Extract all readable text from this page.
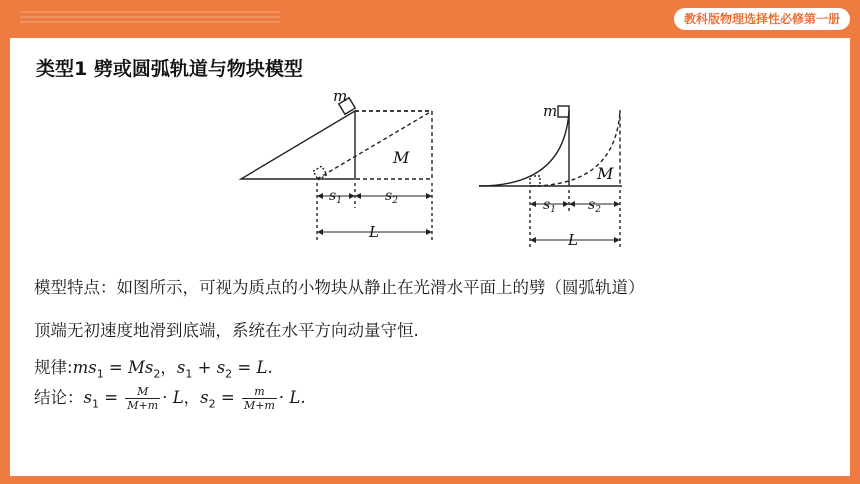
教科版物理选择性必修第一册
类型1 劈或圆弧轨道与物块模型
m
M
$s_1$	$s_2$
L
m
M
$s_1$ $s_2$
L
模型特点：如图所示，可视为质点的小物块从静止在光滑水平面上的劈（圆弧轨道）
顶端无初速度地滑到底端，系统在水平方向动量守恒.
规律$:ms_1 = Ms_2$，$s_1 + s_2 = L$.
结论：$s_1 = \frac{M}{M+m} \cdot L$，$s_2 = \frac{m}{M+m} \cdot L$.
